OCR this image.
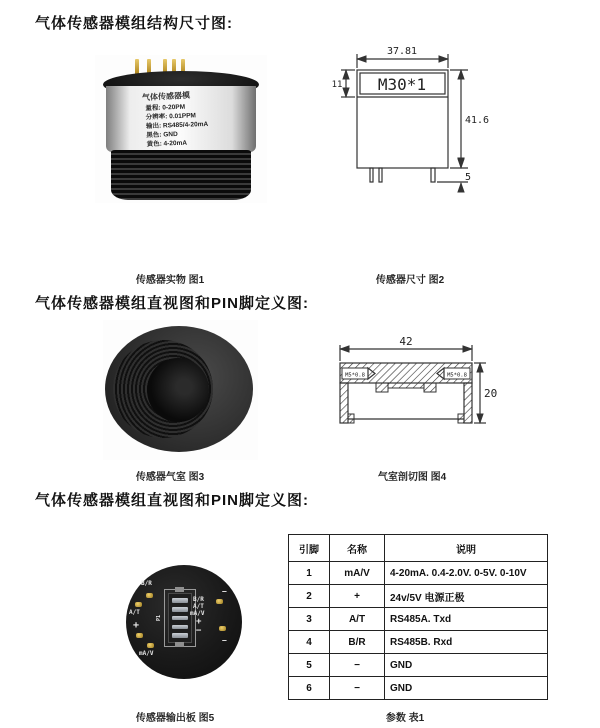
气体传感器模组结构尺寸图:
气体传感器模
量程: 0-20PM
分辨率: 0.01PPM
输出: RS485/4-20mA
黑色: GND
黄色: 4-20mA
37.81
11 M30*1
41.6
5
传感器实物 图1	传感器尺寸 图2
气体传感器模组直视图和PIN脚定义图:
42
M5*0.8	M5*0.8
20
传感器气室 图3	气室剖切图 图4
气体传感器模组直视图和PIN脚定义图:
B/R
A/T
+
mA/V
P1
B/R
A/T
mA/V
+
−
−
−
引脚	名称	说明
1	mA/V	4-20mA. 0.4-2.0V. 0-5V. 0-10V
2	+	24v/5V 电源正极
3	A/T	RS485A. Txd
4	B/R	RS485B. Rxd
5	−	GND
6	−	GND
传感器输出板 图5	参数 表1
